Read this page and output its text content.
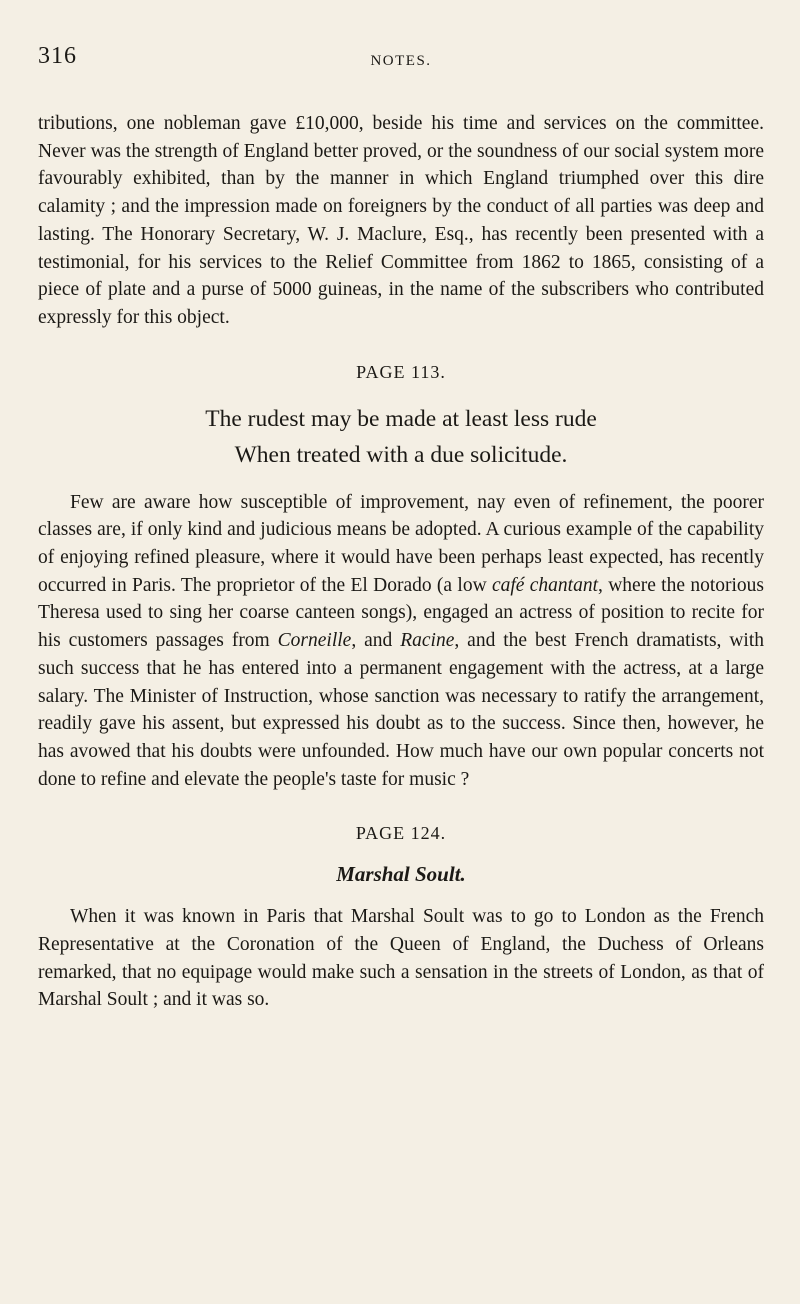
316	NOTES.

tributions, one nobleman gave £10,000, beside his time and services on the committee. Never was the strength of England better proved, or the soundness of our social system more favourably exhibited, than by the manner in which England triumphed over this dire calamity ; and the impression made on foreigners by the conduct of all parties was deep and lasting. The Honorary Secretary, W. J. Maclure, Esq., has recently been presented with a testimonial, for his services to the Relief Committee from 1862 to 1865, consisting of a piece of plate and a purse of 5000 guineas, in the name of the subscribers who contributed expressly for this object.

PAGE 113.
The rudest may be made at least less rude
When treated with a due solicitude.

Few are aware how susceptible of improvement, nay even of refinement, the poorer classes are, if only kind and judicious means be adopted. A curious example of the capability of enjoying refined pleasure, where it would have been perhaps least expected, has recently occurred in Paris. The proprietor of the El Dorado (a low café chantant, where the notorious Theresa used to sing her coarse canteen songs), engaged an actress of position to recite for his customers passages from Corneille, and Racine, and the best French dramatists, with such success that he has entered into a permanent engagement with the actress, at a large salary. The Minister of Instruction, whose sanction was necessary to ratify the arrangement, readily gave his assent, but expressed his doubt as to the success. Since then, however, he has avowed that his doubts were unfounded. How much have our own popular concerts not done to refine and elevate the people's taste for music ?

PAGE 124.
Marshal Soult.

When it was known in Paris that Marshal Soult was to go to London as the French Representative at the Coronation of the Queen of England, the Duchess of Orleans remarked, that no equipage would make such a sensation in the streets of London, as that of Marshal Soult ; and it was so.
